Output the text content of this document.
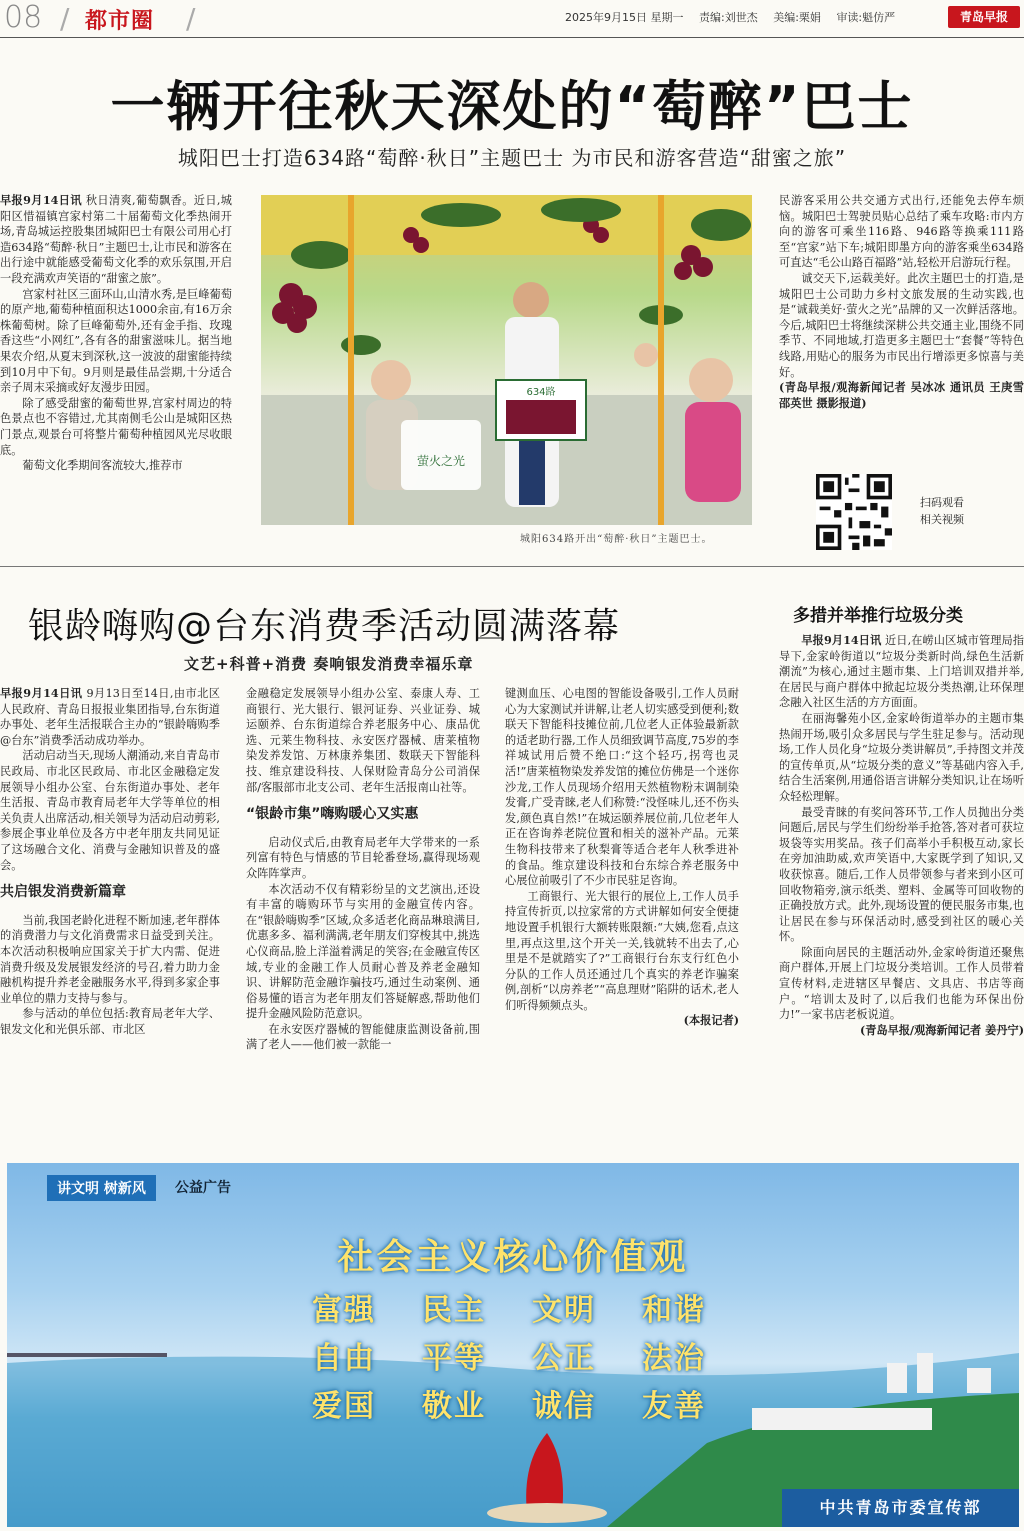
08 / 都市圈 /	2025年9月15日 星期一 责编:刘世杰 美编:栗娟 审读:魁仿严	青岛早报
一辆开往秋天深处的“萄醉”巴士
城阳巴士打造634路“萄醉·秋日”主题巴士 为市民和游客营造“甜蜜之旅”

早报9月14日讯 秋日清爽,葡萄飘香。近日,城阳区惜福镇宫家村第二十届葡萄文化季热闹开场,青岛城运控股集团城阳巴士有限公司用心打造634路“萄醉·秋日”主题巴士,让市民和游客在出行途中就能感受葡萄文化季的欢乐氛围,开启一段充满欢声笑语的“甜蜜之旅”。

宫家村社区三面环山,山清水秀,是巨峰葡萄的原产地,葡萄种植面积达1000余亩,有16万余株葡萄树。除了巨峰葡萄外,还有金手指、玫瑰香这些“小网红”,各有各的甜蜜滋味儿。据当地果农介绍,从夏末到深秋,这一波波的甜蜜能持续到10月中下旬。9月则是最佳品尝期,十分适合亲子周末采摘或好友漫步田园。

除了感受甜蜜的葡萄世界,宫家村周边的特色景点也不容错过,尤其南侧毛公山是城阳区热门景点,观景台可将整片葡萄种植园风光尽收眼底。

葡萄文化季期间客流较大,推荐市

634路
萤火之光
城阳634路开出“萄醉·秋日”主题巴士。

民游客采用公共交通方式出行,还能免去停车烦恼。城阳巴士驾驶员贴心总结了乘车攻略:市内方向的游客可乘坐116路、946路等换乘111路至“宫家”站下车;城阳即墨方向的游客乘坐634路可直达“毛公山路百福路”站,轻松开启游玩行程。

诚交天下,运载美好。此次主题巴士的打造,是城阳巴士公司助力乡村文旅发展的生动实践,也是“诚载美好·萤火之光”品牌的又一次鲜活落地。今后,城阳巴士将继续深耕公共交通主业,围绕不同季节、不同地域,打造更多主题巴士“套餐”等特色线路,用贴心的服务为市民出行增添更多惊喜与美好。

(青岛早报/观海新闻记者 吴冰冰 通讯员 王庚雪 邵英世 摄影报道)

扫码观看
相关视频
银龄嗨购@台东消费季活动圆满落幕
文艺+科普+消费 奏响银发消费幸福乐章

早报9月14日讯 9月13日至14日,由市北区人民政府、青岛日报报业集团指导,台东街道办事处、老年生活报联合主办的“银龄嗨购季@台东”消费季活动成功举办。

活动启动当天,现场人潮涌动,来自青岛市民政局、市北区民政局、市北区金融稳定发展领导小组办公室、台东街道办事处、老年生活报、青岛市教育局老年大学等单位的相关负责人出席活动,相关领导为活动启动剪彩,参展企事业单位及各方中老年朋友共同见证了这场融合文化、消费与金融知识普及的盛会。

共启银发消费新篇章

当前,我国老龄化进程不断加速,老年群体的消费潜力与文化消费需求日益受到关注。本次活动积极响应国家关于扩大内需、促进消费升级及发展银发经济的号召,着力助力金融机构提升养老金融服务水平,得到多家企事业单位的鼎力支持与参与。

参与活动的单位包括:教育局老年大学、银发文化和光俱乐部、市北区

金融稳定发展领导小组办公室、泰康人寿、工商银行、光大银行、银河证券、兴业证券、城运颐养、台东街道综合养老服务中心、康品优选、元莱生物科技、永安医疗器械、唐莱植物染发养发馆、万林康养集团、数联天下智能科技、维京建设科技、人保财险青岛分公司消保部/客服部市北支公司、老年生活报南山社等。

“银龄市集”嗨购暖心又实惠

启动仪式后,由教育局老年大学带来的一系列富有特色与情感的节目轮番登场,赢得现场观众阵阵掌声。

本次活动不仅有精彩纷呈的文艺演出,还设有丰富的嗨购环节与实用的金融宣传内容。在“银龄嗨购季”区域,众多适老化商品琳琅满目,优惠多多、福利满满,老年朋友们穿梭其中,挑选心仪商品,脸上洋溢着满足的笑容;在金融宣传区域,专业的金融工作人员耐心普及养老金融知识、讲解防范金融诈骗技巧,通过生动案例、通俗易懂的语言为老年朋友们答疑解惑,帮助他们提升金融风险防范意识。

在永安医疗器械的智能健康监测设备前,围满了老人——他们被一款能一

键测血压、心电图的智能设备吸引,工作人员耐心为大家测试并讲解,让老人切实感受到便利;数联天下智能科技摊位前,几位老人正体验最新款的适老助行器,工作人员细致调节高度,75岁的李祥城试用后赞不绝口:“这个轻巧,拐弯也灵活!”唐莱植物染发养发馆的摊位仿佛是一个迷你沙龙,工作人员现场介绍用天然植物粉末调制染发膏,广受青睐,老人们称赞:“没怪味儿,还不伤头发,颜色真自然!”在城运颐养展位前,几位老年人正在咨询养老院位置和相关的滋补产品。元莱生物科技带来了秋梨膏等适合老年人秋季进补的食品。维京建设科技和台东综合养老服务中心展位前吸引了不少市民驻足咨询。

工商银行、光大银行的展位上,工作人员手持宣传折页,以拉家常的方式讲解如何安全便捷地设置手机银行大额转账限额:“大姨,您看,点这里,再点这里,这个开关一关,钱就转不出去了,心里是不是就踏实了?”工商银行台东支行红色小分队的工作人员还通过几个真实的养老诈骗案例,剖析“以房养老”“高息理财”陷阱的话术,老人们听得频频点头。

(本报记者)

多措并举推行垃圾分类

早报9月14日讯 近日,在崂山区城市管理局指导下,金家岭街道以“垃圾分类新时尚,绿色生活新潮流”为核心,通过主题市集、上门培训双措并举,在居民与商户群体中掀起垃圾分类热潮,让环保理念融入社区生活的方方面面。

在丽海馨苑小区,金家岭街道举办的主题市集热闹开场,吸引众多居民与学生驻足参与。活动现场,工作人员化身“垃圾分类讲解员”,手持图文并茂的宣传单页,从“垃圾分类的意义”等基础内容入手,结合生活案例,用通俗语言讲解分类知识,让在场听众轻松理解。

最受青睐的有奖问答环节,工作人员抛出分类问题后,居民与学生们纷纷举手抢答,答对者可获垃圾袋等实用奖品。孩子们高举小手积极互动,家长在旁加油助威,欢声笑语中,大家既学到了知识,又收获惊喜。随后,工作人员带领参与者来到小区可回收物箱旁,演示纸类、塑料、金属等可回收物的正确投放方式。此外,现场设置的便民服务市集,也让居民在参与环保活动时,感受到社区的暖心关怀。

除面向居民的主题活动外,金家岭街道还聚焦商户群体,开展上门垃圾分类培训。工作人员带着宣传材料,走进辖区早餐店、文具店、书店等商户。“培训太及时了,以后我们也能为环保出份力!”一家书店老板说道。

(青岛早报/观海新闻记者 姜丹宁)

讲文明 树新风	公益广告
社会主义核心价值观
富强	民主	文明	和谐
自由	平等	公正	法治
爱国	敬业	诚信	友善
中共青岛市委宣传部
